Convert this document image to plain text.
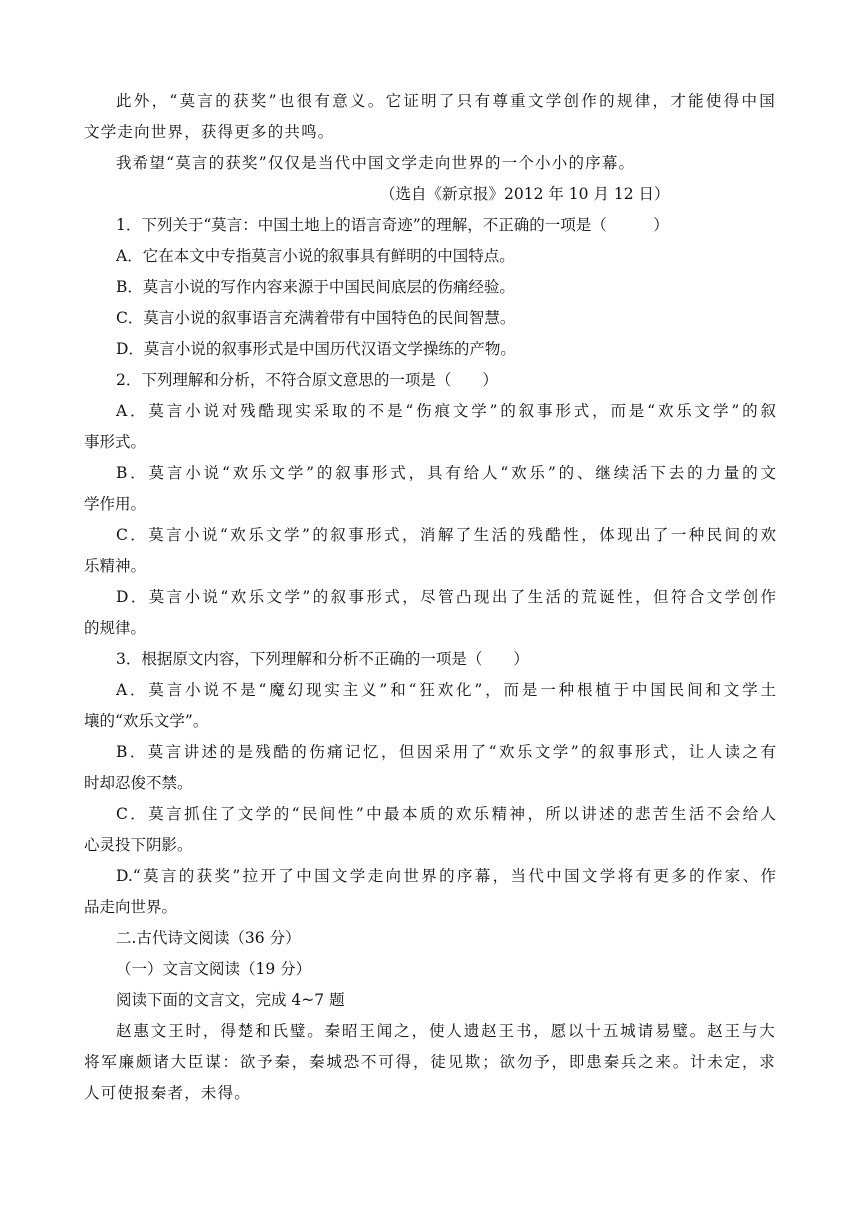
此外，“莫言的获奖”也很有意义。它证明了只有尊重文学创作的规律，才能使得中国
文学走向世界，获得更多的共鸣。
我希望“莫言的获奖”仅仅是当代中国文学走向世界的一个小小的序幕。
（选自《新京报》2012 年 10 月 12 日）
1．下列关于“莫言：中国土地上的语言奇迹”的理解，不正确的一项是（　　　）
A．它在本文中专指莫言小说的叙事具有鲜明的中国特点。
B．莫言小说的写作内容来源于中国民间底层的伤痛经验。
C．莫言小说的叙事语言充满着带有中国特色的民间智慧。
D．莫言小说的叙事形式是中国历代汉语文学操练的产物。
2．下列理解和分析，不符合原文意思的一项是（　　）
A．莫言小说对残酷现实采取的不是“伤痕文学”的叙事形式，而是“欢乐文学”的叙
事形式。
B．莫言小说“欢乐文学”的叙事形式，具有给人“欢乐”的、继续活下去的力量的文
学作用。
C．莫言小说“欢乐文学”的叙事形式，消解了生活的残酷性，体现出了一种民间的欢
乐精神。
D．莫言小说“欢乐文学”的叙事形式，尽管凸现出了生活的荒诞性，但符合文学创作
的规律。
3．根据原文内容，下列理解和分析不正确的一项是（　　）
A．莫言小说不是“魔幻现实主义”和“狂欢化”，而是一种根植于中国民间和文学土
壤的“欢乐文学”。
B．莫言讲述的是残酷的伤痛记忆，但因采用了“欢乐文学”的叙事形式，让人读之有
时却忍俊不禁。
C．莫言抓住了文学的“民间性”中最本质的欢乐精神，所以讲述的悲苦生活不会给人
心灵投下阴影。
D.“莫言的获奖”拉开了中国文学走向世界的序幕，当代中国文学将有更多的作家、作
品走向世界。
二.古代诗文阅读（36 分）
（一）文言文阅读（19 分）
阅读下面的文言文，完成 4~7 题
赵惠文王时，得楚和氏璧。秦昭王闻之，使人遗赵王书，愿以十五城请易璧。赵王与大
将军廉颇诸大臣谋：欲予秦，秦城恐不可得，徒见欺；欲勿予，即患秦兵之来。计未定，求
人可使报秦者，未得。
